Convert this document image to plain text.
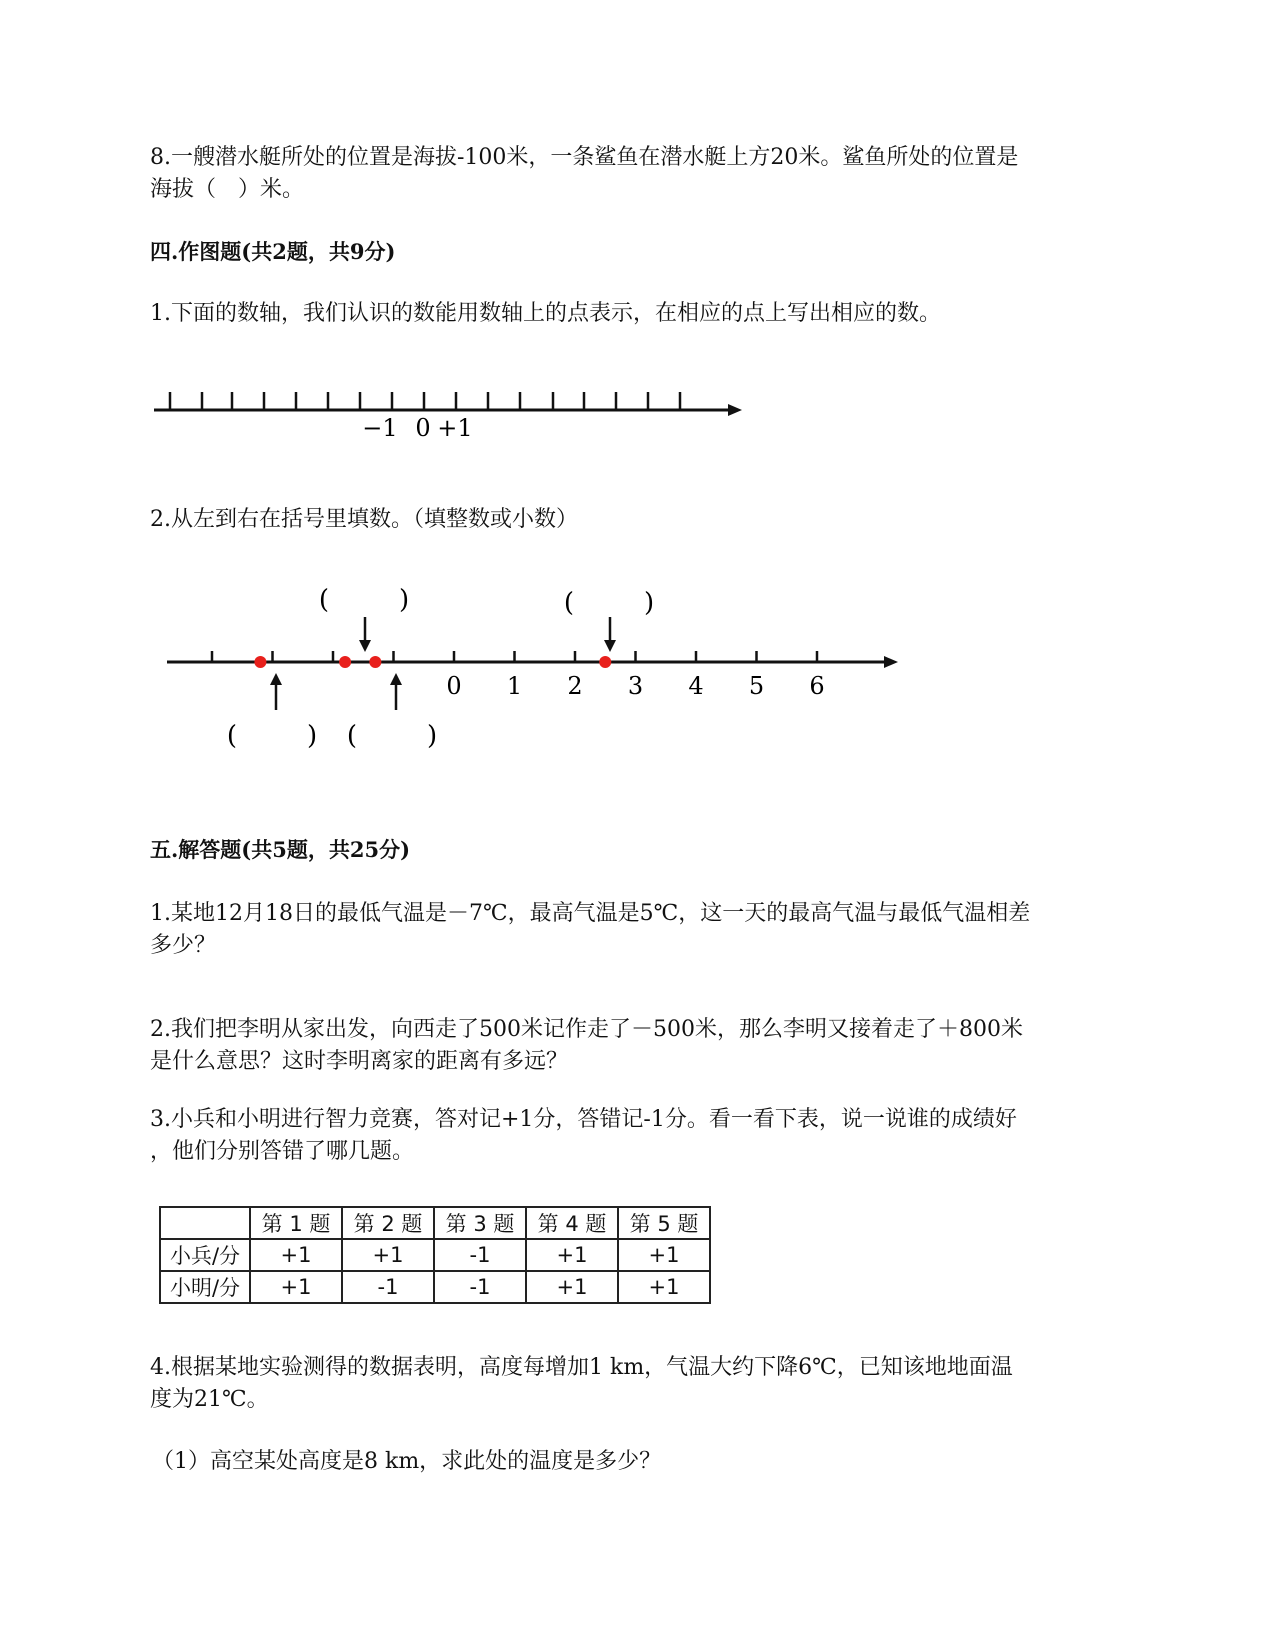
8.一艘潜水艇所处的位置是海拔-100米，一条鲨鱼在潜水艇上方20米。鲨鱼所处的位置是
海拔（　）米。
四.作图题(共2题，共9分)
1.下面的数轴，我们认识的数能用数轴上的点表示，在相应的点上写出相应的数。
−1 0 +1
0 1 2 3 4 5 6
(　　)	(　　)
(　　) (　　)
2.从左到右在括号里填数。（填整数或小数）
五.解答题(共5题，共25分)
1.某地12月18日的最低气温是－7℃，最高气温是5℃，这一天的最高气温与最低气温相差
多少？
2.我们把李明从家出发，向西走了500米记作走了－500米，那么李明又接着走了＋800米
是什么意思？这时李明离家的距离有多远？
3.小兵和小明进行智力竞赛，答对记+1分，答错记-1分。看一看下表，说一说谁的成绩好
，他们分别答错了哪几题。
	第 1 题	第 2 题	第 3 题	第 4 题	第 5 题
小兵/分	+1	+1	-1	+1	+1
小明/分	+1	-1	-1	+1	+1
4.根据某地实验测得的数据表明，高度每增加1 km，气温大约下降6℃，已知该地地面温
度为21℃。
（1）高空某处高度是8 km，求此处的温度是多少？
